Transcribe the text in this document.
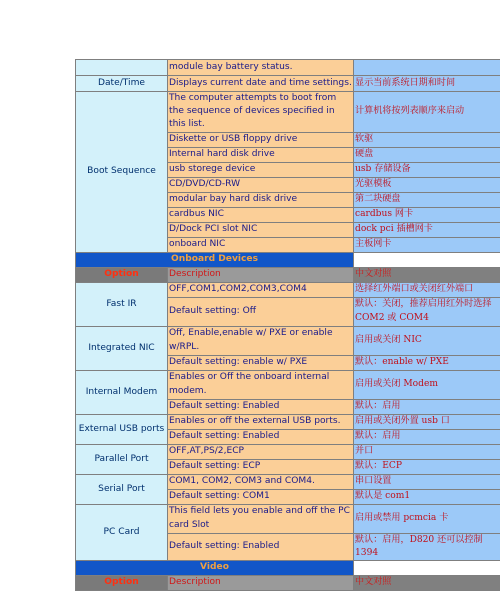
	module bay battery status.	
Date/Time	Displays current date and time settings.	显示当前系统日期和时间
Boot Sequence	The computer attempts to boot from the sequence of devices specified in this list.	计算机将按列表顺序来启动
	Diskette or USB floppy drive	软驱
	Internal hard disk drive	硬盘
	usb storege device	usb 存储设备
	CD/DVD/CD-RW	光驱模板
	modular bay hard disk drive	第二块硬盘
	cardbus NIC	cardbus 网卡
	D/Dock PCI slot NIC	dock pci 插槽网卡
	onboard NIC	主板网卡
Onboard Devices		
Option	Description	中文对照
Fast IR	OFF,COM1,COM2,COM3,COM4	选择红外端口或关闭红外端口
	Default setting: Off	默认：关闭，推荐启用红外时选择COM2 或 COM4
Integrated NIC	Off, Enable,enable w/ PXE or enable w/RPL.	启用或关闭 NIC
	Default setting: enable w/ PXE	默认：enable w/ PXE
Internal Modem	Enables or Off the onboard internal modem.	启用或关闭 Modem
	Default setting: Enabled	默认：启用
External USB ports	Enables or off the external USB ports.	启用或关闭外置 usb 口
	Default setting: Enabled	默认：启用
Parallel Port	OFF,AT,PS/2,ECP	并口
	Default setting: ECP	默认：ECP
Serial Port	COM1, COM2, COM3 and COM4.	串口设置
	Default setting: COM1	默认是 com1
PC Card	This field lets you enable and off the PC card Slot	启用或禁用 pcmcia 卡
	Default setting: Enabled	默认：启用，D820 还可以控制 1394
Video		
Option	Description	中文对照
